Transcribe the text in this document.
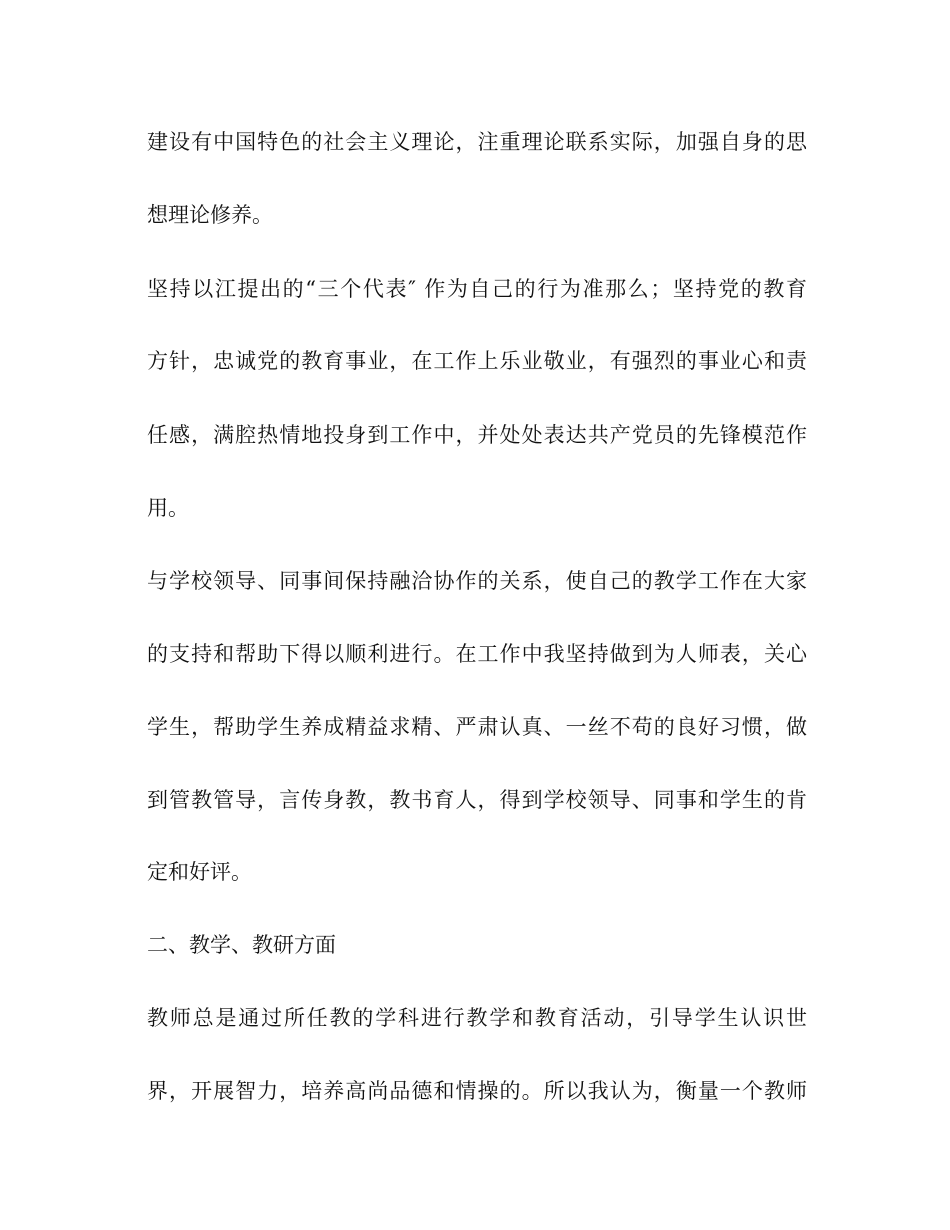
建设有中国特色的社会主义理论，注重理论联系实际，加强自身的思

想理论修养。

坚持以江提出的“三个代表″ 作为自己的行为准那么；坚持党的教育

方针，忠诚党的教育事业，在工作上乐业敬业，有强烈的事业心和责

任感，满腔热情地投身到工作中，并处处表达共产党员的先锋模范作

用。

与学校领导、同事间保持融洽协作的关系，使自己的教学工作在大家

的支持和帮助下得以顺利进行。在工作中我坚持做到为人师表，关心

学生，帮助学生养成精益求精、严肃认真、一丝不苟的良好习惯，做

到管教管导，言传身教，教书育人，得到学校领导、同事和学生的肯

定和好评。

二、教学、教研方面

教师总是通过所任教的学科进行教学和教育活动，引导学生认识世

界，开展智力，培养高尚品德和情操的。所以我认为，衡量一个教师
